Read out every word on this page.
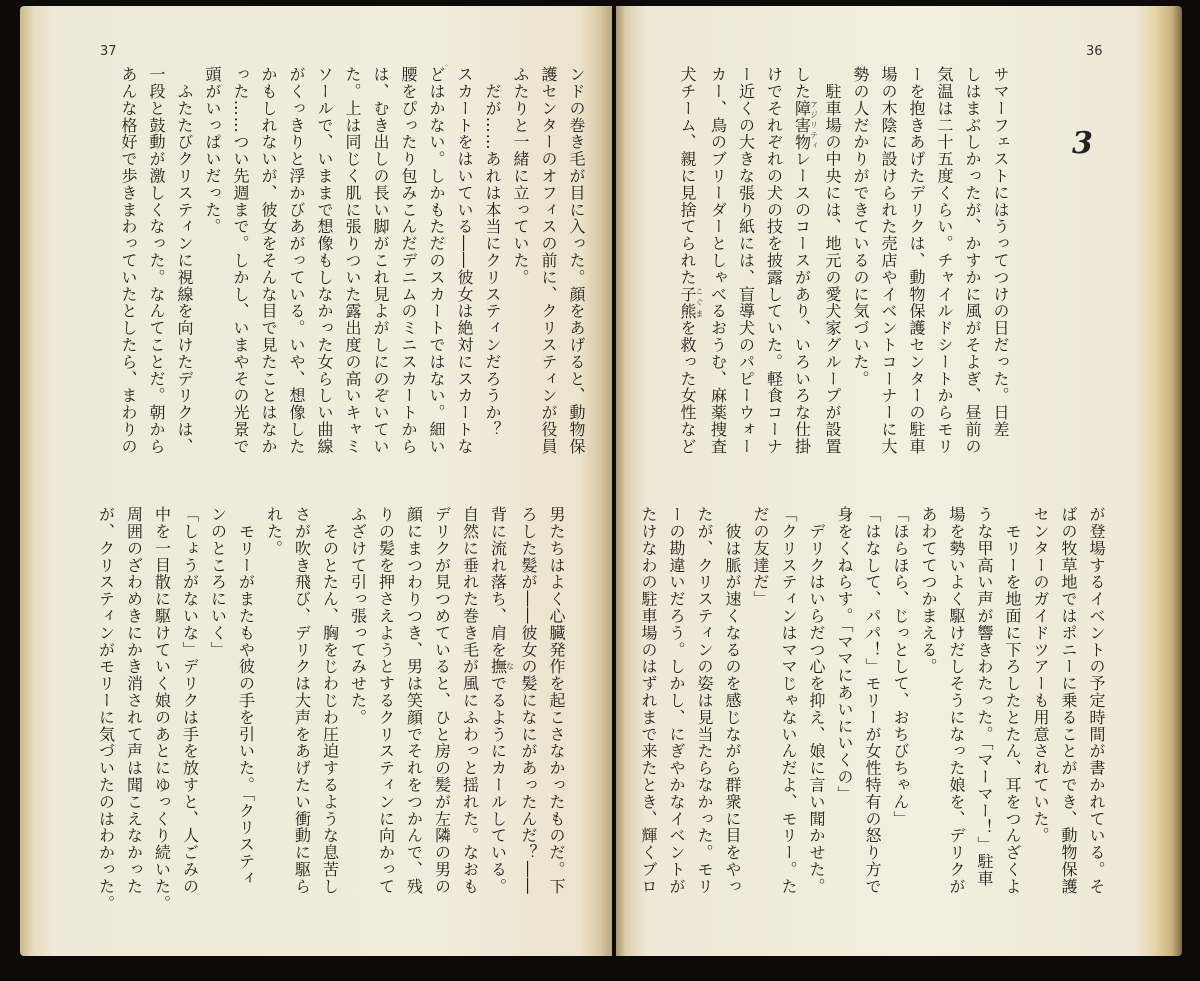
37
ンドの巻き毛が目に入った。顔をあげると、動物保
護センターのオフィスの前に、クリスティンが役員
ふたりと一緒に立っていた。
　だが……あれは本当にクリスティンだろうか？
スカートをはいている――彼女は絶対にスカートな
どはかない。しかもただのスカートではない。細い
腰をぴったり包みこんだデニムのミニスカートから
は、むき出しの長い脚がこれ見よがしにのぞいてい
た。上は同じく肌に張りついた露出度の高いキャミ
ソールで、いままで想像もしなかった女らしい曲線
がくっきりと浮かびあがっている。いや、想像した
かもしれないが、彼女をそんな目で見たことはなか
った……つい先週まで。しかし、いまやその光景で
頭がいっぱいだった。
　ふたたびクリスティンに視線を向けたデリクは、
一段と鼓動が激しくなった。なんてことだ。朝から
あんな格好で歩きまわっていたとしたら、まわりの
男たちはよく心臓発作を起こさなかったものだ。下
ろした髪が――彼女の髪になにがあったんだ？――
背に流れ落ち、肩を撫なでるようにカールしている。
自然に垂れた巻き毛が風にふわっと揺れた。なおも
デリクが見つめていると、ひと房の髪が左隣の男の
顔にまつわりつき、男は笑顔でそれをつかんで、残
りの髪を押さえようとするクリスティンに向かって
ふざけて引っ張ってみせた。
　そのとたん、胸をじわじわ圧迫するような息苦し
さが吹き飛び、デリクは大声をあげたい衝動に駆ら
れた。
　モリーがまたもや彼の手を引いた。「クリスティ
ンのところにいく」
「しょうがないな」デリクは手を放すと、人ごみの
中を一目散に駆けていく娘のあとにゆっくり続いた。
周囲のざわめきにかき消されて声は聞こえなかった
が、クリスティンがモリーに気づいたのはわかった。
36
3
サマーフェストにはうってつけの日だった。日差
しはまぶしかったが、かすかに風がそよぎ、昼前の
気温は二十五度くらい。チャイルドシートからモリ
ーを抱きあげたデリクは、動物保護センターの駐車
場の木陰に設けられた売店やイベントコーナーに大
勢の人だかりができているのに気づいた。
　駐車場の中央には、地元の愛犬家グループが設置
した障害物アジリティレースのコースがあり、いろいろな仕掛
けでそれぞれの犬の技を披露していた。軽食コーナ
ー近くの大きな張り紙には、盲導犬のパピーウォー
カー、鳥のブリーダーとしゃべるおうむ、麻薬捜査
犬チーム、親に見捨てられた子熊こぐまを救った女性など
が登場するイベントの予定時間が書かれている。そ
ばの牧草地ではポニーに乗ることができ、動物保護
センターのガイドツアーも用意されていた。
　モリーを地面に下ろしたとたん、耳をつんざくよ
うな甲高い声が響きわたった。「マーマー！」駐車
場を勢いよく駆けだしそうになった娘を、デリクが
あわててつかまえる。
「ほらほら、じっとして、おちびちゃん」
「はなして、パパ！」モリーが女性特有の怒り方で
身をくねらす。「ママにあいにいくの」
　デリクはいらだつ心を抑え、娘に言い聞かせた。
「クリスティンはママじゃないんだよ、モリー。た
だの友達だ」
　彼は脈が速くなるのを感じながら群衆に目をやっ
たが、クリスティンの姿は見当たらなかった。モリ
ーの勘違いだろう。しかし、にぎやかなイベントが
たけなわの駐車場のはずれまで来たとき、輝くブロ
